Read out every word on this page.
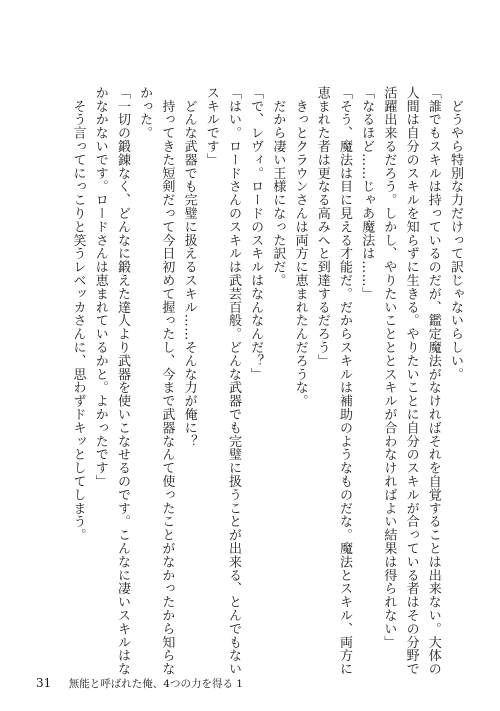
　どうやら特別な力だけって訳じゃないらしい。
「誰でもスキルは持っているのだが、鑑定魔法がなければそれを自覚することは出来ない。大体の
人間は自分のスキルを知らずに生きる。やりたいことに自分のスキルが合っている者はその分野で
活躍出来るだろう。しかし、やりたいことととスキルが合わなければよい結果は得られない」
「なるほど……じゃあ魔法は……」
「そう、魔法は目に見える才能だ。だからスキルは補助のようなものだな。魔法とスキル、両方に
恵まれた者は更なる高みへと到達するだろう」
　きっとクラウンさんは両方に恵まれたんだろうな。
　だから凄い王様になった訳だ。
「で、レヴィ。ロードのスキルはなんなんだ？」
「はい。ロードさんのスキルは武芸百般。どんな武器でも完璧に扱うことが出来る、とんでもない
スキルです」
　どんな武器でも完璧に扱えるスキル……そんな力が俺に？
　持ってきた短剣だって今日初めて握ったし、今まで武器なんて使ったことがなかったから知らな
かった。
「一切の鍛錬なく、どんなに鍛えた達人より武器を使いこなせるのです。こんなに凄いスキルはな
かなかないです。ロードさんは恵まれているかと。よかったです」
　そう言ってにっこりと笑うレベッカさんに、思わずドキッとしてしまう。
31 無能と呼ばれた俺、4つの力を得る 1
